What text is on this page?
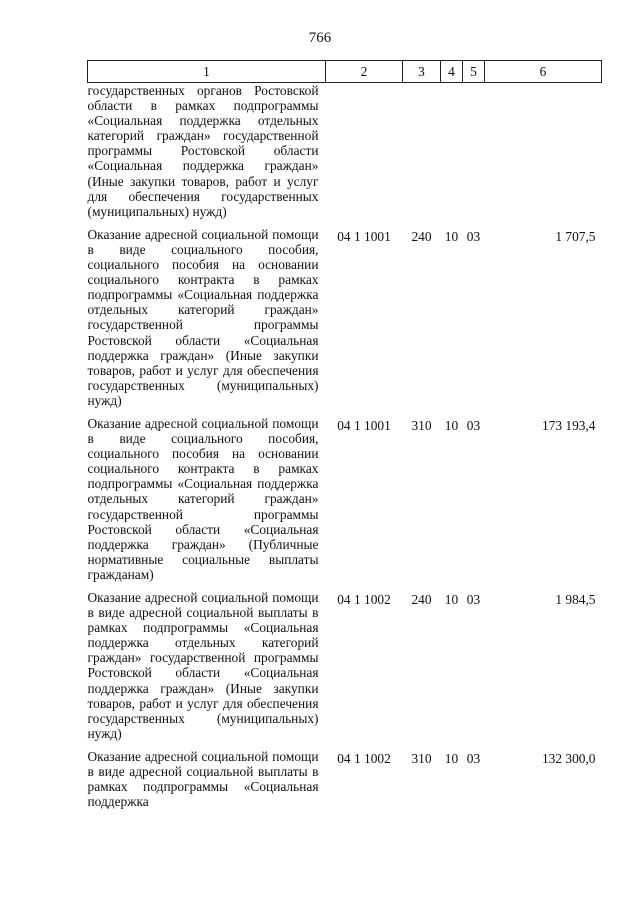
766
1	2	3	4	5	6
государственных органов Ростовской области в рамках подпрограммы «Социальная поддержка отдельных категорий граждан» государственной программы Ростовской области «Социальная поддержка граждан» (Иные закупки товаров, работ и услуг для обеспечения государственных (муниципальных) нужд)					

Оказание адресной социальной помощи в виде социального пособия, социального пособия на основании социального контракта в рамках подпрограммы «Социальная поддержка отдельных категорий граждан» государственной программы Ростовской области «Социальная поддержка граждан» (Иные закупки товаров, работ и услуг для обеспечения государственных (муниципальных) нужд)	04 1 1001	240	10	03	1 707,5

Оказание адресной социальной помощи в виде социального пособия, социального пособия на основании социального контракта в рамках подпрограммы «Социальная поддержка отдельных категорий граждан» государственной программы Ростовской области «Социальная поддержка граждан» (Публичные нормативные социальные выплаты гражданам)	04 1 1001	310	10	03	173 193,4

Оказание адресной социальной помощи в виде адресной социальной выплаты в рамках подпрограммы «Социальная поддержка отдельных категорий граждан» государственной программы Ростовской области «Социальная поддержка граждан» (Иные закупки товаров, работ и услуг для обеспечения государственных (муниципальных) нужд)	04 1 1002	240	10	03	1 984,5

Оказание адресной социальной помощи в виде адресной социальной выплаты в рамках подпрограммы «Социальная поддержка	04 1 1002	310	10	03	132 300,0
